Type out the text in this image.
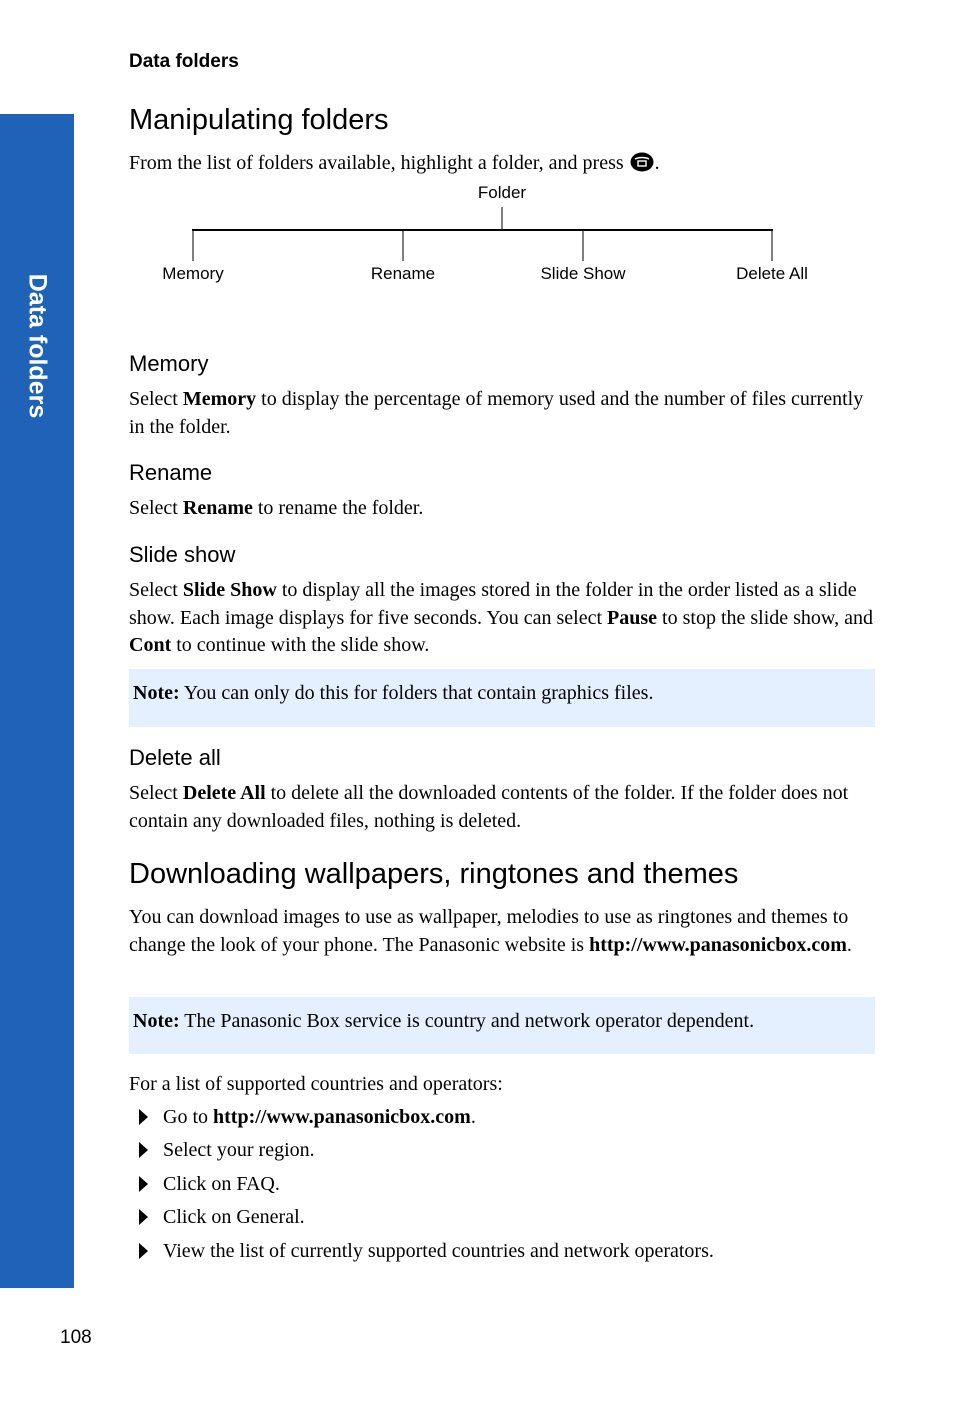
Data folders
Data folders
Manipulating folders

From the list of folders available, highlight a folder, and press .

Folder
Memory	Rename	Slide Show	Delete All
Memory

Select Memory to display the percentage of memory used and the number of files currently in the folder.

Rename

Select Rename to rename the folder.

Slide show

Select Slide Show to display all the images stored in the folder in the order listed as a slide show. Each image displays for five seconds. You can select Pause to stop the slide show, and Cont to continue with the slide show.

Note: You can only do this for folders that contain graphics files.
Delete all

Select Delete All to delete all the downloaded contents of the folder. If the folder does not contain any downloaded files, nothing is deleted.

Downloading wallpapers, ringtones and themes

You can download images to use as wallpaper, melodies to use as ringtones and themes to change the look of your phone. The Panasonic website is http://www.panasonicbox.com.

Note: The Panasonic Box service is country and network operator dependent.

For a list of supported countries and operators:

Go to http://www.panasonicbox.com.
Select your region.
Click on FAQ.
Click on General.
View the list of currently supported countries and network operators.
108
